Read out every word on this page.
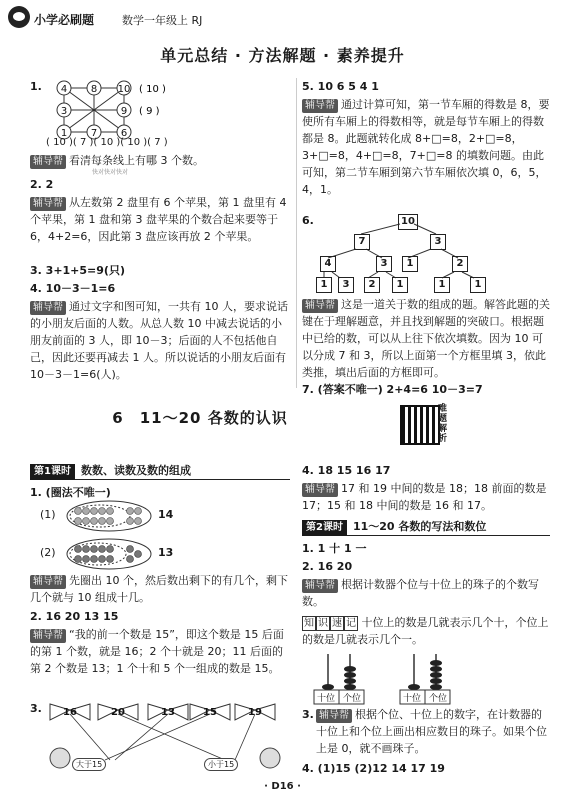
小学必刷题	数学一年级上 RJ
单元总结 · 方法解题 · 素养提升
1.	4 8 10
3	9
1 7 6
( 10 )
( 9 )
( 10 )( 7 )( 10 )( 10 )( 7 )
辅导帮 看清每条线上有哪 3 个数。
快对快对快对
2. 2
辅导帮 从左数第 2 盘里有 6 个苹果，第 1 盘里有 4 个苹果，第 1 盘和第 3 盘苹果的个数合起来要等于 6，4+2=6，因此第 3 盘应该再放 2 个苹果。
3. 3+1+5=9(只)
4. 10－3－1=6
辅导帮 通过文字和图可知，一共有 10 人，要求说话的小朋友后面的人数。从总人数 10 中减去说话的小朋友前面的 3 人，即 10－3；后面的人不包括他自己，因此还要再减去 1 人。所以说话的小朋友后面有 10－3－1=6(人)。
5. 10 6 5 4 1
辅导帮 通过计算可知，第一节车厢的得数是 8，要使所有车厢上的得数相等，就是每节车厢上的得数都是 8。此题就转化成 8+□=8，2+□=8，3+□=8，4+□=8，7+□=8 的填数问题。由此可知，第二节车厢到第六节车厢依次填 0，6，5，4，1。
6.	10
7	3
4	3	1	2
1	3	2	1	1	1
辅导帮 这是一道关于数的组成的题。解答此题的关键在于理解题意，并且找到解题的突破口。根据题中已给的数，可以从上往下依次填数。因为 10 可以分成 7 和 3，所以上面第一个方框里填 3，依此类推，填出后面的方框即可。
7. (答案不唯一) 2+4=6 10－3=7
6　11～20 各数的认识	难题解析
第1课时 数数、读数及数的组成
1. (圈法不唯一)
(1)	14
(2)	13
辅导帮 先圈出 10 个，然后数出剩下的有几个，剩下几个就与 10 组成十几。
2. 16 20 13 15
辅导帮 “我的前一个数是 15”，即这个数是 15 后面的第 1 个数，就是 16；2 个十就是 20；11 后面的第 2 个数是 13；1 个十和 5 个一组成的数是 15。
3.	16	20	13	15	19
大于15	小于15
4. 18 15 16 17
辅导帮 17 和 19 中间的数是 18；18 前面的数是 17；15 和 18 中间的数是 16 和 17。
第2课时 11～20 各数的写法和数位
1. 1 十 1 一
2. 16 20
辅导帮 根据计数器个位与十位上的珠子的个数写数。
知 识 速 记 十位上的数是几就表示几个十，个位上的数是几就表示几个一。
十位 个位	十位 个位
3. 辅导帮 根据个位、十位上的数字，在计数器的十位上和个位上画出相应数目的珠子。如果个位上是 0，就不画珠子。
4. (1)15 (2)12 14 17 19
· D16 ·
